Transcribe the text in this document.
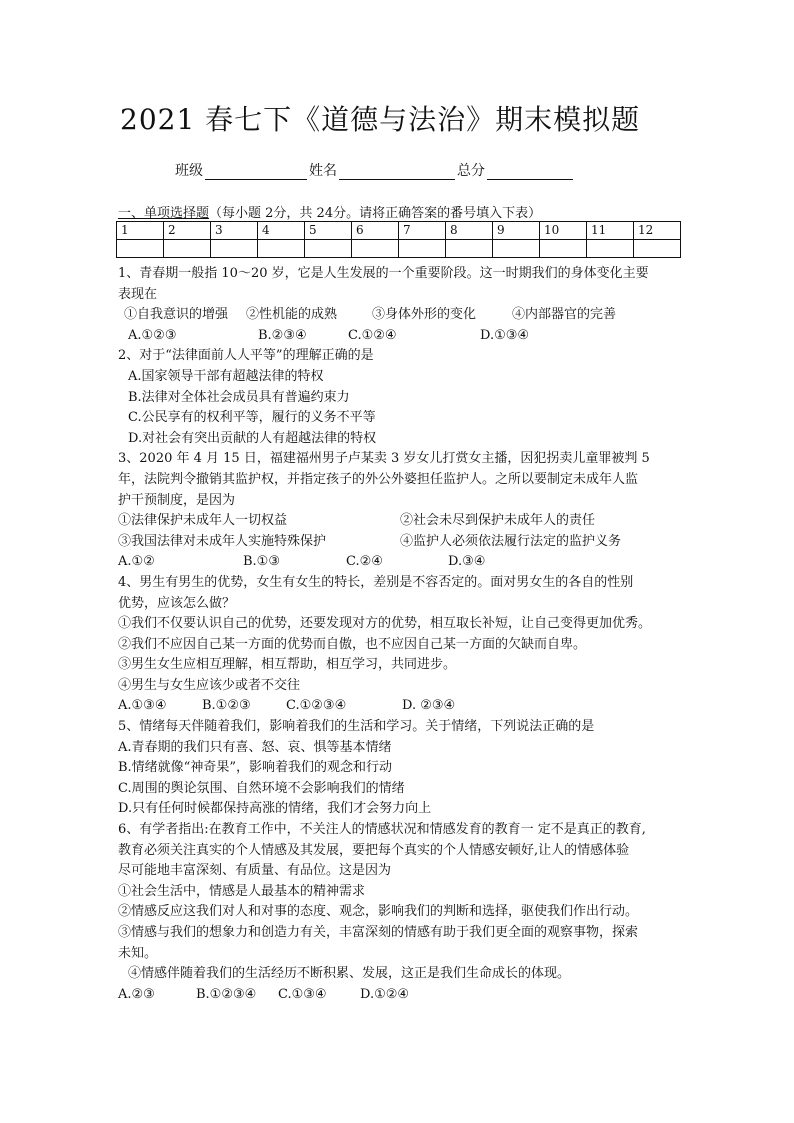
2021 春七下《道德与法治》期末模拟题
班级	姓名	总分
一、单项选择题（每小题 2分，共 24分。请将正确答案的番号填入下表）
1	2	3	4	5	6	7	8	9	10	11	12

1、青春期一般指 10～20 岁，它是人生发展的一个重要阶段。这一时期我们的身体变化主要

表现在

①自我意识的增强	②性机能的成熟	③身体外形的变化	④内部器官的完善
A.①②③	B.②③④	C.①②④	D.①③④

2、对于“法律面前人人平等”的理解正确的是

A.国家领导干部有超越法律的特权

B.法律对全体社会成员具有普遍约束力

C.公民享有的权利平等，履行的义务不平等

D.对社会有突出贡献的人有超越法律的特权

3、2020 年 4 月 15 日，福建福州男子卢某卖 3 岁女儿打赏女主播，因犯拐卖儿童罪被判 5

年，法院判令撤销其监护权，并指定孩子的外公外婆担任监护人。之所以要制定未成年人监

护干预制度，是因为

①法律保护未成年人一切权益	②社会未尽到保护未成年人的责任
③我国法律对未成年人实施特殊保护	④监护人必须依法履行法定的监护义务
A.①②	B.①③	C.②④	D.③④

4、男生有男生的优势，女生有女生的特长，差别是不容否定的。面对男女生的各自的性别

优势，应该怎么做？

①我们不仅要认识自己的优势，还要发现对方的优势，相互取长补短，让自己变得更加优秀。

②我们不应因自己某一方面的优势而自傲，也不应因自己某一方面的欠缺而自卑。

③男生女生应相互理解，相互帮助，相互学习，共同进步。

④男生与女生应该少或者不交往

A.①③④	B.①②③	C.①②③④	D. ②③④

5、情绪每天伴随着我们，影响着我们的生活和学习。关于情绪，下列说法正确的是

A.青春期的我们只有喜、怒、哀、惧等基本情绪

B.情绪就像“神奇果”，影响着我们的观念和行动

C.周围的舆论氛围、自然环境不会影响我们的情绪

D.只有任何时候都保持高涨的情绪，我们才会努力向上

6、有学者指出:在教育工作中，不关注人的情感状况和情感发育的教育一 定不是真正的教育,

教育必须关注真实的个人情感及其发展，要把每个真实的个人情感安顿好,让人的情感体验

尽可能地丰富深刻、有质量、有品位。这是因为

①社会生活中，情感是人最基本的精神需求

②情感反应这我们对人和对事的态度、观念，影响我们的判断和选择，驱使我们作出行动。

③情感与我们的想象力和创造力有关，丰富深刻的情感有助于我们更全面的观察事物，探索

未知。

④情感伴随着我们的生活经历不断积累、发展，这正是我们生命成长的体现。

A.②③	B.①②③④	C.①③④	D.①②④
